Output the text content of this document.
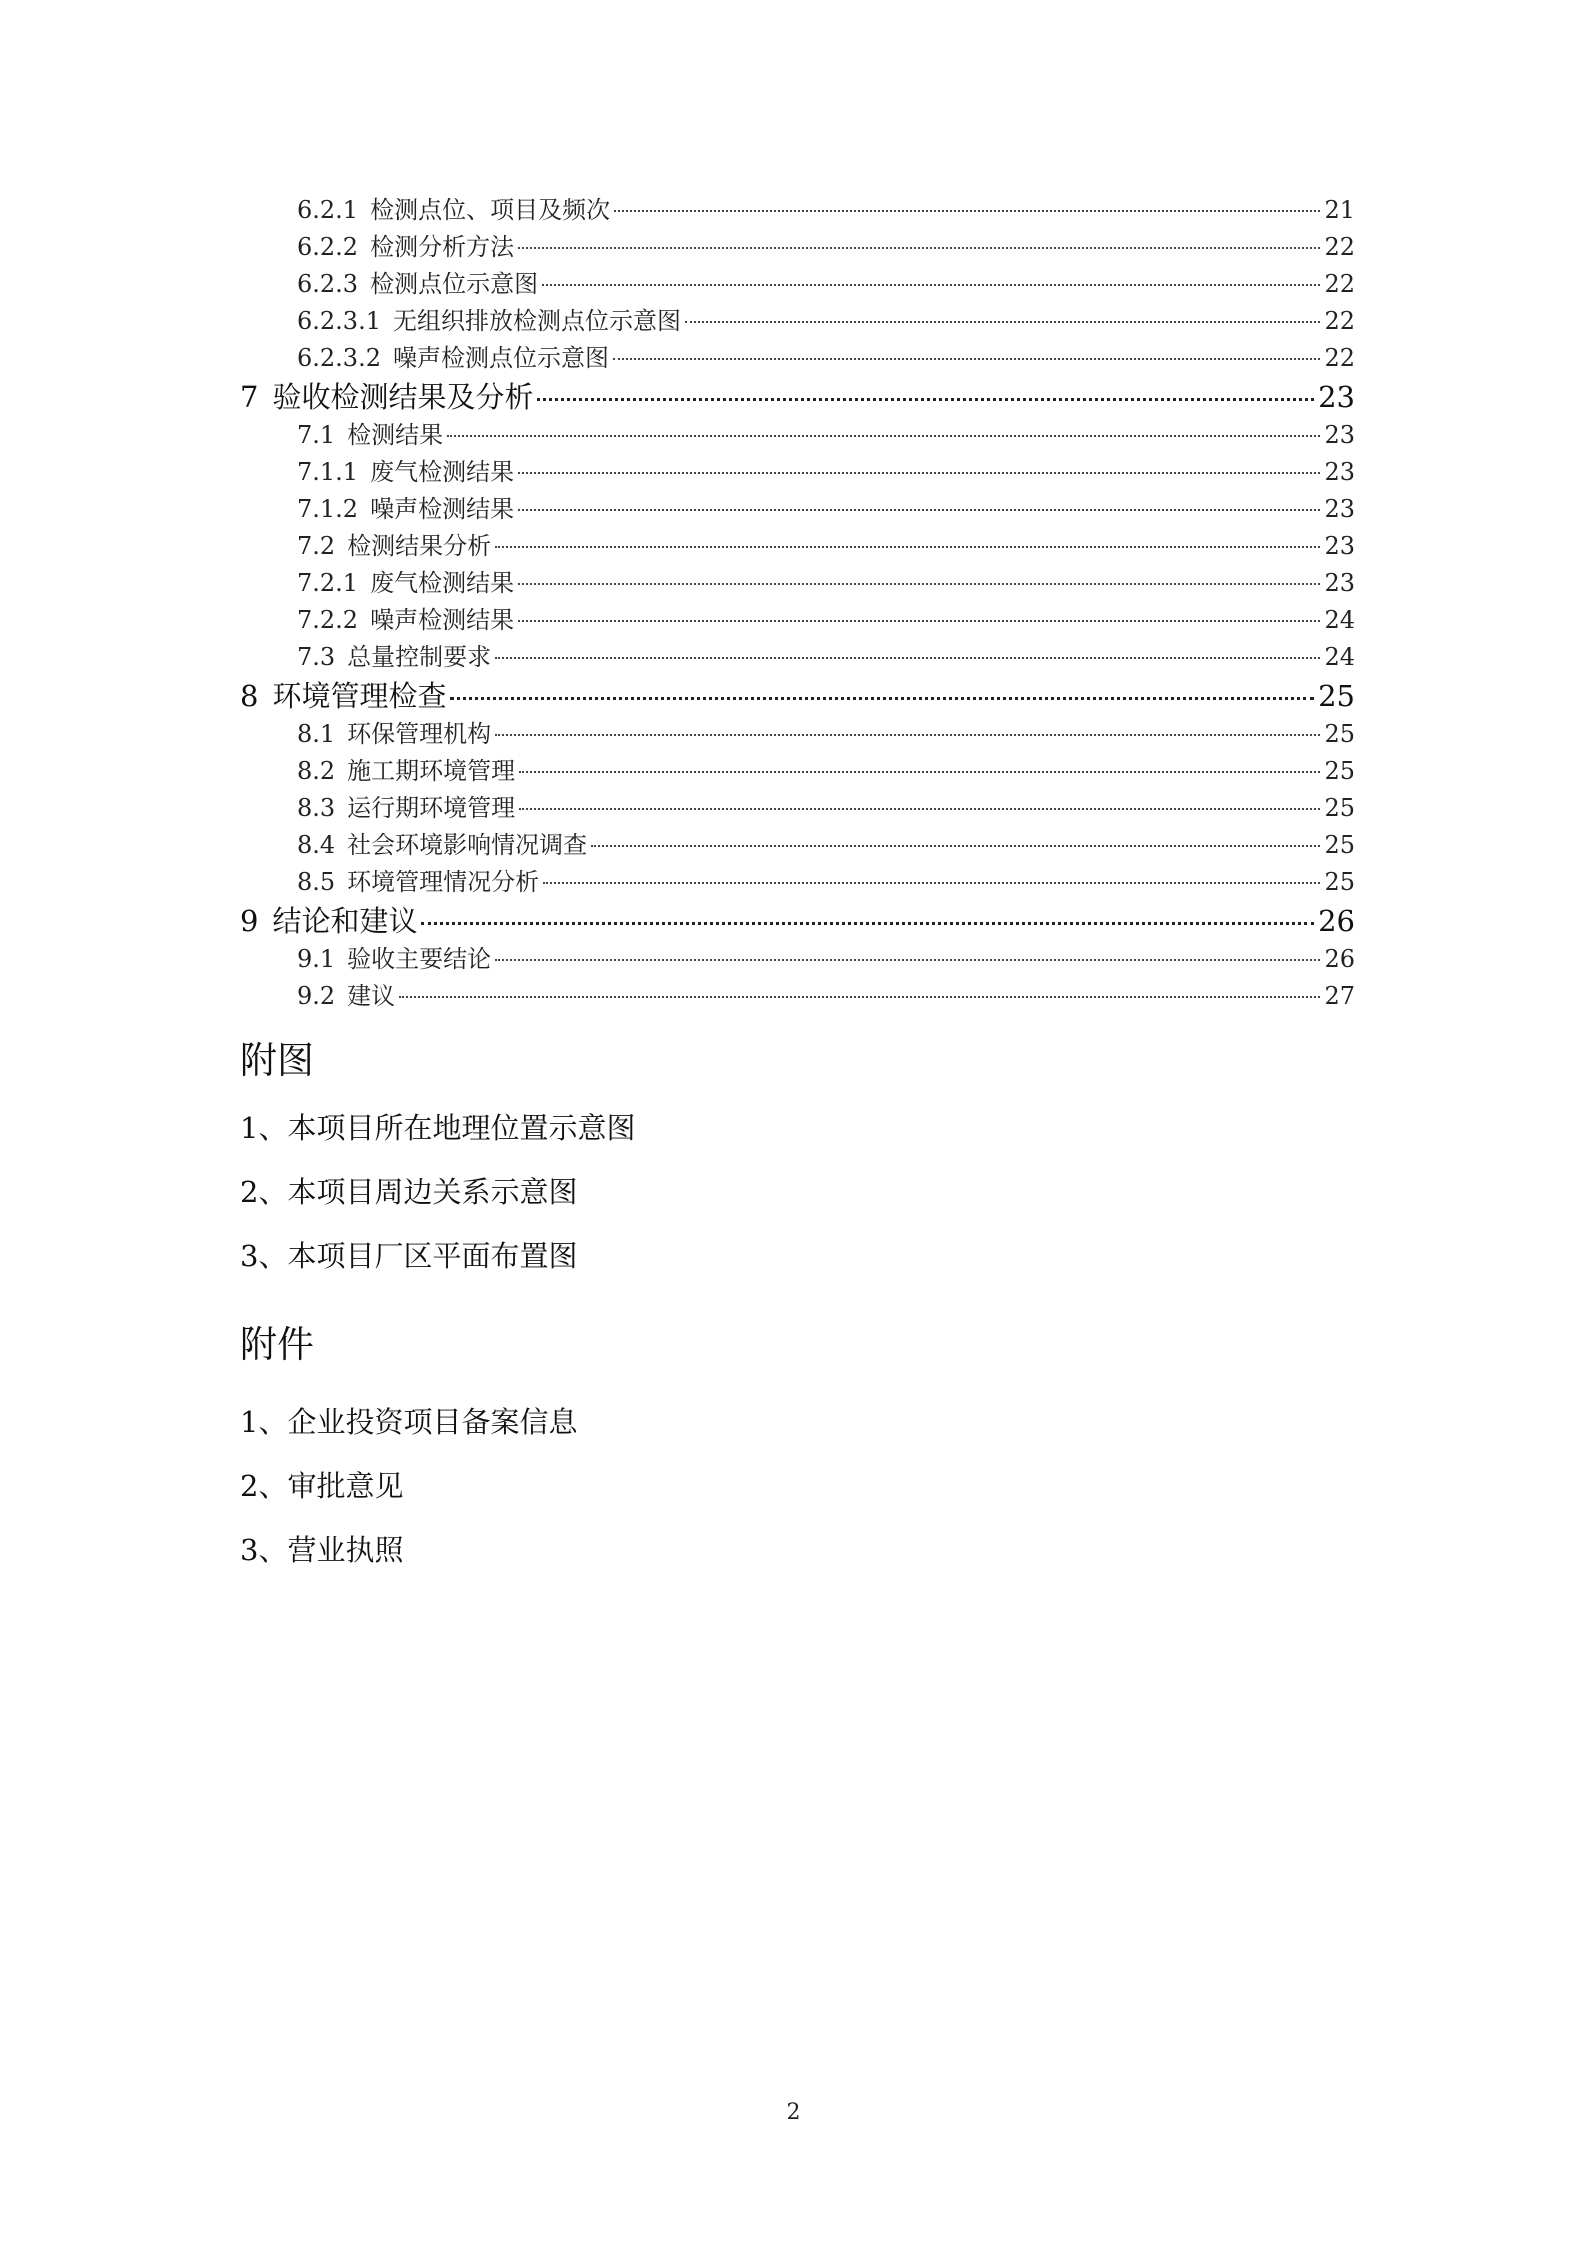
6.2.1 检测点位、项目及频次	21
6.2.2 检测分析方法	22
6.2.3 检测点位示意图	22
6.2.3.1 无组织排放检测点位示意图	22
6.2.3.2 噪声检测点位示意图	22
7 验收检测结果及分析	23
7.1 检测结果	23
7.1.1 废气检测结果	23
7.1.2 噪声检测结果	23
7.2 检测结果分析	23
7.2.1 废气检测结果	23
7.2.2 噪声检测结果	24
7.3 总量控制要求	24
8 环境管理检查	25
8.1 环保管理机构	25
8.2 施工期环境管理	25
8.3 运行期环境管理	25
8.4 社会环境影响情况调查	25
8.5 环境管理情况分析	25
9 结论和建议	26
9.1 验收主要结论	26
9.2 建议	27
附图
1、本项目所在地理位置示意图
2、本项目周边关系示意图
3、本项目厂区平面布置图
附件
1、企业投资项目备案信息
2、审批意见
3、营业执照
2
